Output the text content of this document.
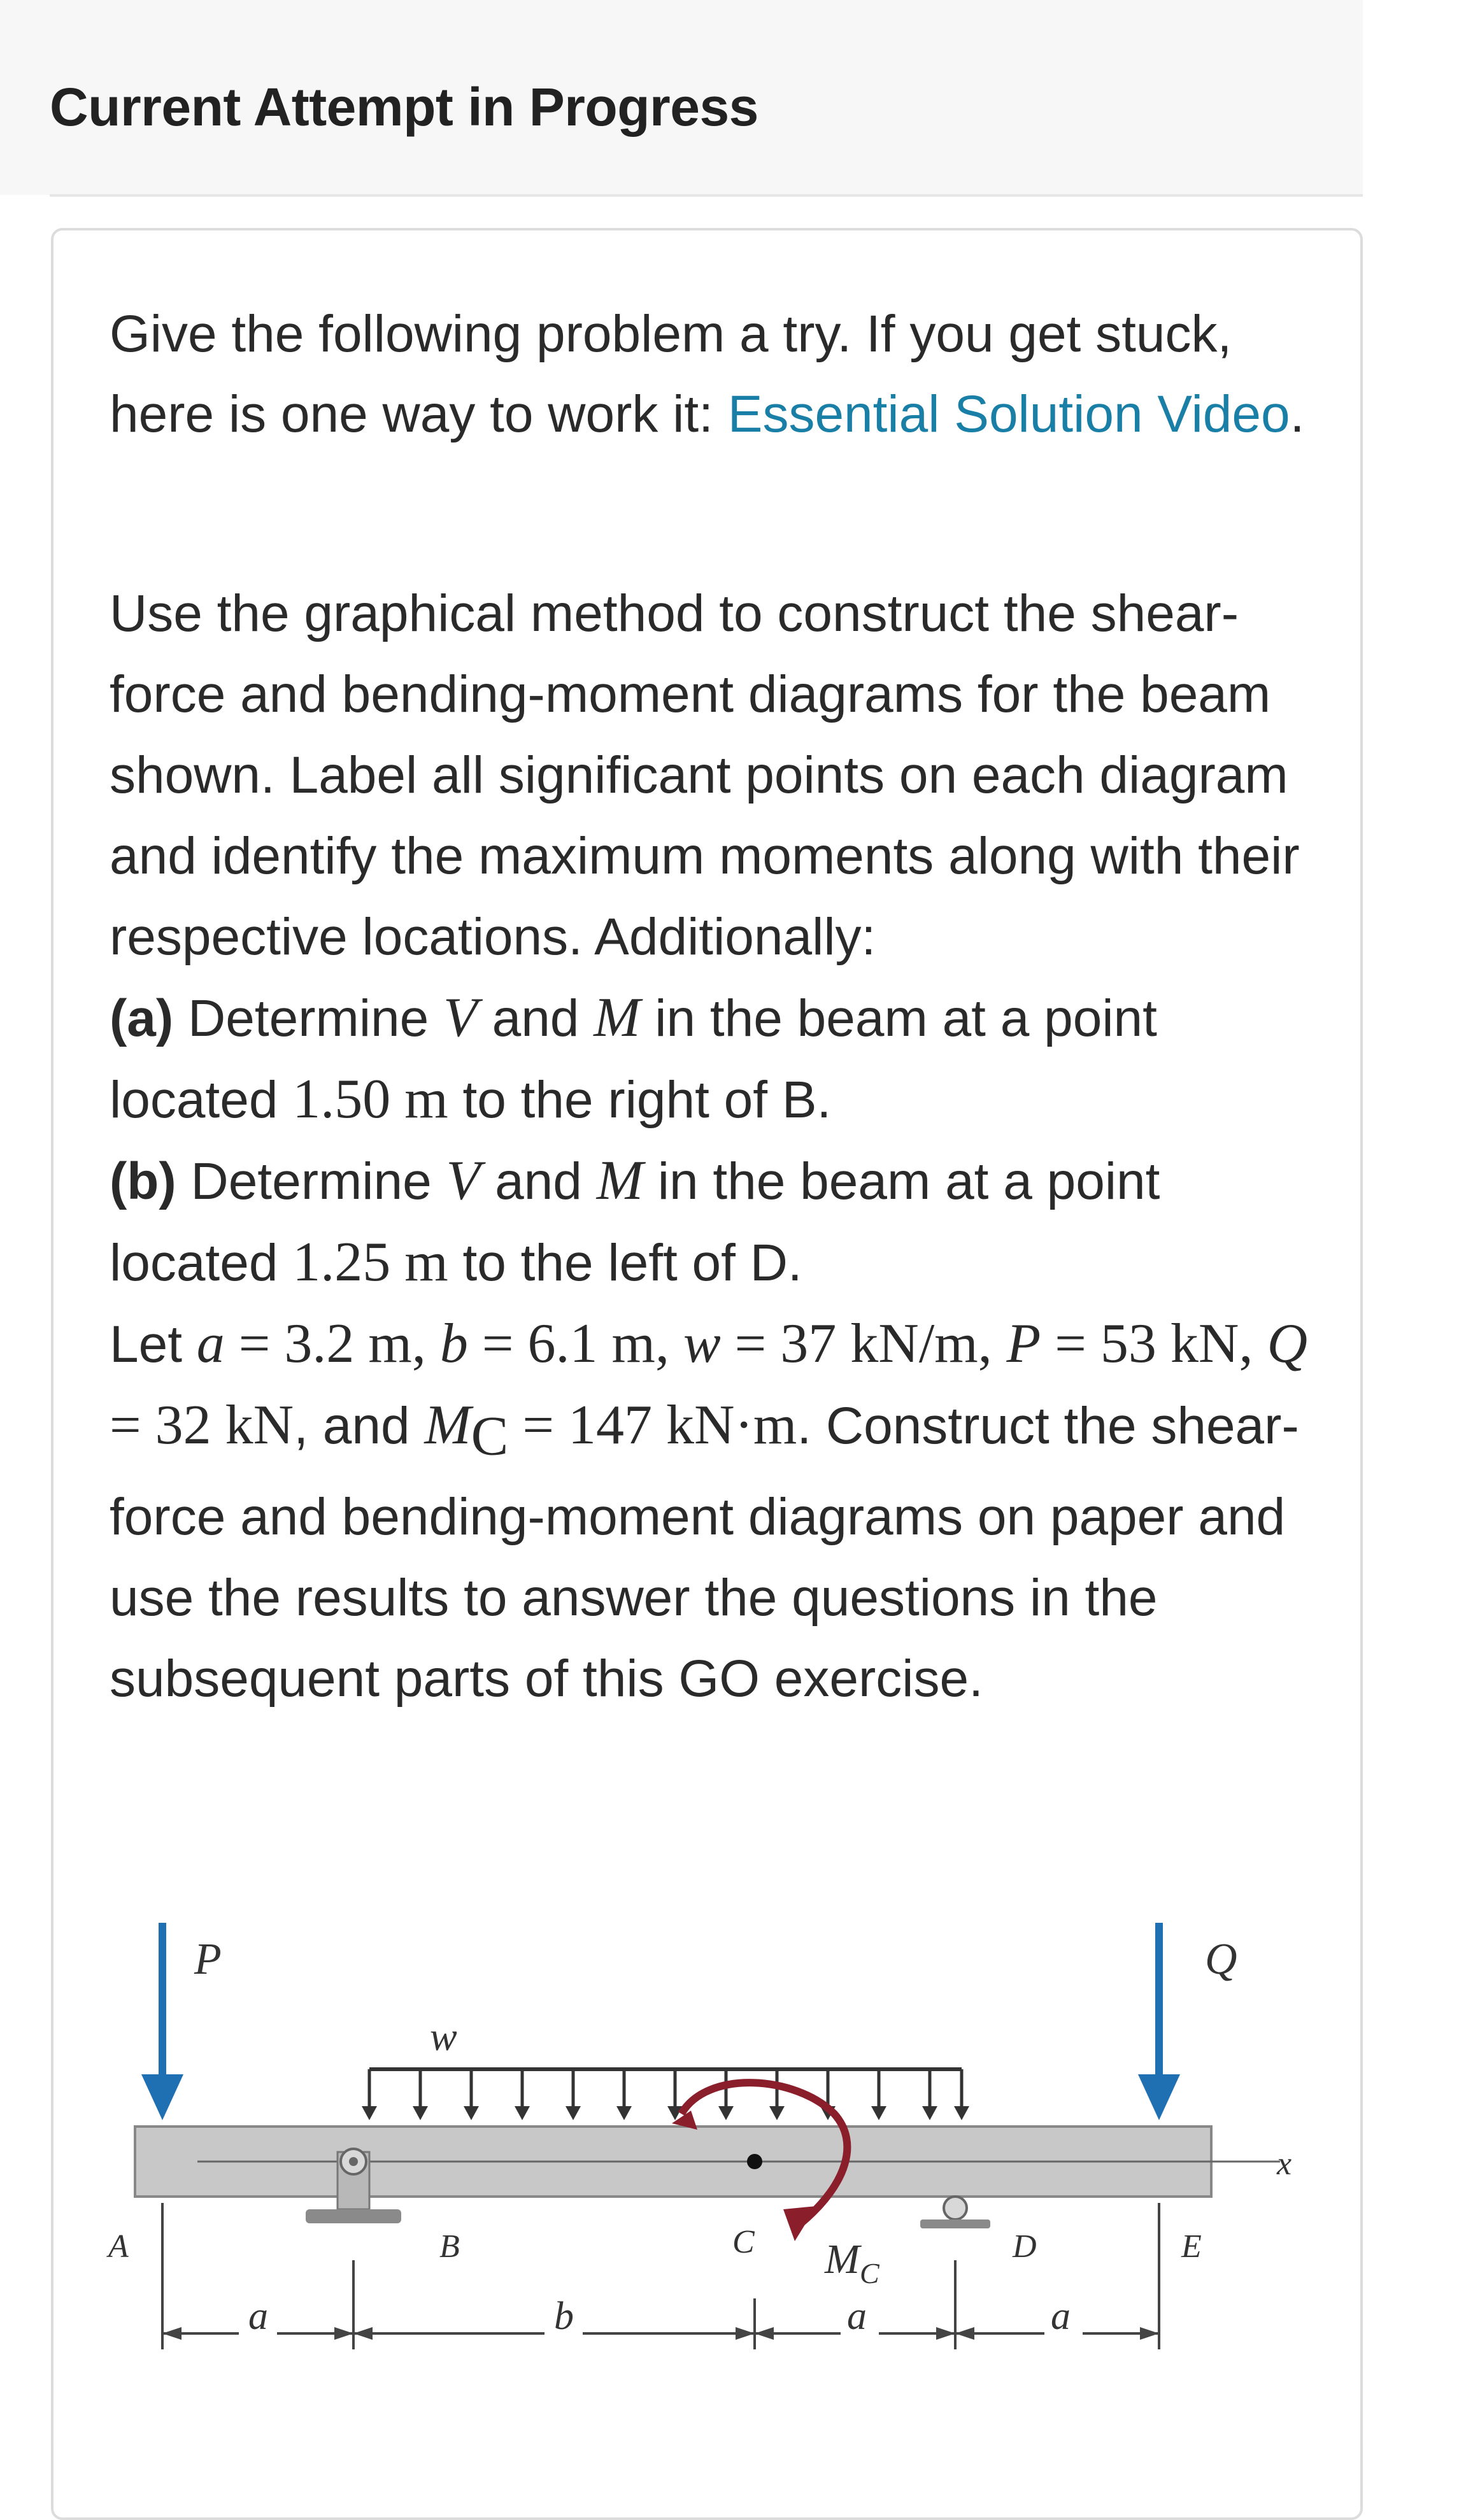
Current Attempt in Progress
Give the following problem a try. If you get stuck, here is one way to work it: Essential Solution Video.

Use the graphical method to construct the shear-force and bending-moment diagrams for the beam shown. Label all significant points on each diagram and identify the maximum moments along with their respective locations. Additionally:

(a) Determine V and M in the beam at a point located 1.50 m to the right of B.

(b) Determine V and M in the beam at a point located 1.25 m to the left of D.

Let a = 3.2 m, b = 6.1 m, w = 37 kN/m, P = 53 kN, Q = 32 kN, and $M_C = 147$ kN·m. Construct the shear-force and bending-moment diagrams on paper and use the results to answer the questions in the subsequent parts of this GO exercise.

w
x
P	Q
A	B	C	D	E
$M_C$
a	b	a	a
